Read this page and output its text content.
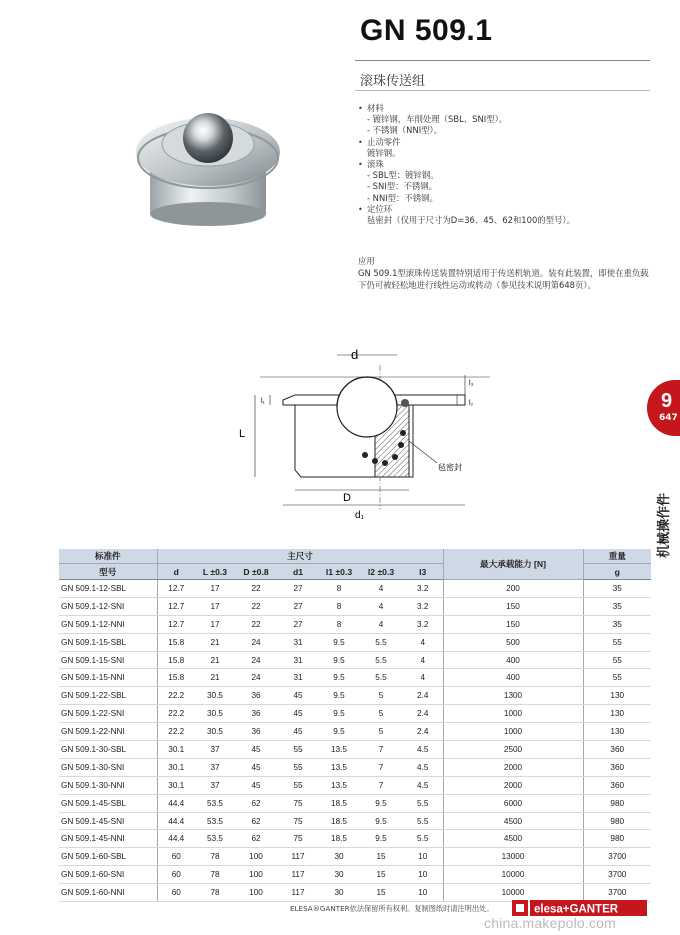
GN 509.1

滚珠传送组
• 材料
- 镀锌钢，车削处理（SBL、SNI型）。
- 不锈钢（NNI型）。
• 止动零件
镀锌钢。
• 滚珠
- SBL型：镀锌钢。
- SNI型：不锈钢。
- NNI型：不锈钢。
• 定位环
毡密封（仅用于尺寸为D=36、45、62和100的型号）。
应用
GN 509.1型滚珠传送装置特别适用于传送机轨道。装有此装置，即使在重负载下仍可被轻松地进行线性运动或转动（参见技术说明第648页）。
d
D
d₁
L
l₁	l₂
l₃
毡密封
9
647
机械操作件
标准件	主尺寸							最大承载能力 [N]	重量
型号	d	L ±0.3	D ±0.8	d1	l1 ±0.3	l2 ±0.3	l3		g
GN 509.1-12-SBL	12.7	17	22	27	8	4	3.2	200	35
GN 509.1-12-SNI	12.7	17	22	27	8	4	3.2	150	35
GN 509.1-12-NNI	12.7	17	22	27	8	4	3.2	150	35
GN 509.1-15-SBL	15.8	21	24	31	9.5	5.5	4	500	55
GN 509.1-15-SNI	15.8	21	24	31	9.5	5.5	4	400	55
GN 509.1-15-NNI	15.8	21	24	31	9.5	5.5	4	400	55
GN 509.1-22-SBL	22.2	30.5	36	45	9.5	5	2.4	1300	130
GN 509.1-22-SNI	22.2	30.5	36	45	9.5	5	2.4	1000	130
GN 509.1-22-NNI	22.2	30.5	36	45	9.5	5	2.4	1000	130
GN 509.1-30-SBL	30.1	37	45	55	13.5	7	4.5	2500	360
GN 509.1-30-SNI	30.1	37	45	55	13.5	7	4.5	2000	360
GN 509.1-30-NNI	30.1	37	45	55	13.5	7	4.5	2000	360
GN 509.1-45-SBL	44.4	53.5	62	75	18.5	9.5	5.5	6000	980
GN 509.1-45-SNI	44.4	53.5	62	75	18.5	9.5	5.5	4500	980
GN 509.1-45-NNI	44.4	53.5	62	75	18.5	9.5	5.5	4500	980
GN 509.1-60-SBL	60	78	100	117	30	15	10	13000	3700
GN 509.1-60-SNI	60	78	100	117	30	15	10	10000	3700
GN 509.1-60-NNI	60	78	100	117	30	15	10	10000	3700
ELESA®GANTER依法保留所有权利。复制图纸时请注明出处。	elesa+GANTER
china.makepolo.com
